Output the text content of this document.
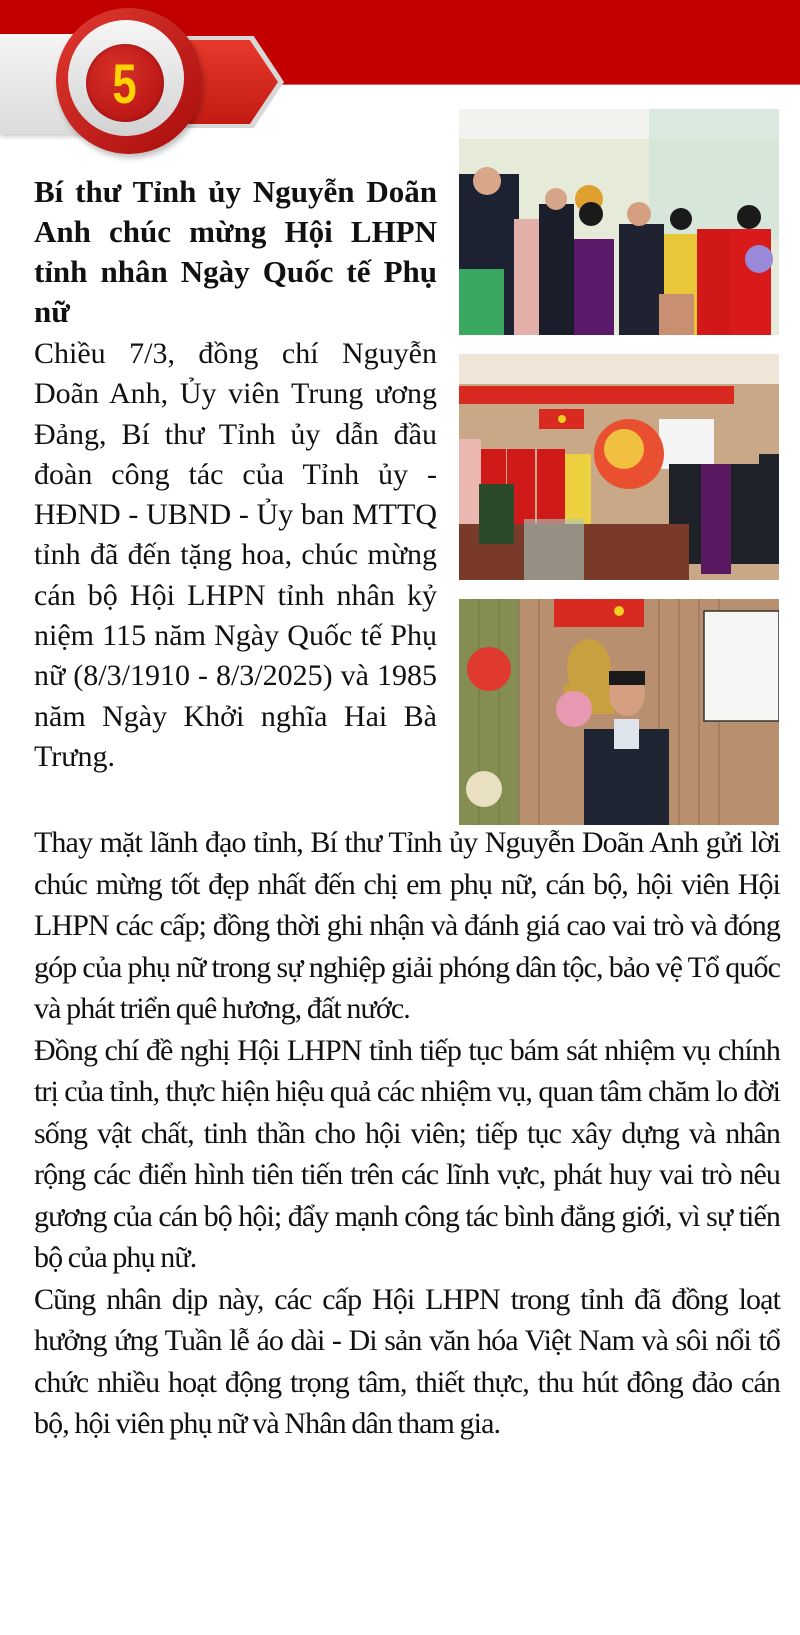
5
Bí thư Tỉnh ủy Nguyễn Doãn Anh chúc mừng Hội LHPN tỉnh nhân Ngày Quốc tế Phụ nữ

Chiều 7/3, đồng chí Nguyễn Doãn Anh, Ủy viên Trung ương Đảng, Bí thư Tỉnh ủy dẫn đầu đoàn công tác của Tỉnh ủy - HĐND - UBND - Ủy ban MTTQ tỉnh đã đến tặng hoa, chúc mừng cán bộ Hội LHPN tỉnh nhân kỷ niệm 115 năm Ngày Quốc tế Phụ nữ (8/3/1910 - 8/3/2025) và 1985 năm Ngày Khởi nghĩa Hai Bà Trưng.

Thay mặt lãnh đạo tỉnh, Bí thư Tỉnh ủy Nguyễn Doãn Anh gửi lời chúc mừng tốt đẹp nhất đến chị em phụ nữ, cán bộ, hội viên Hội LHPN các cấp; đồng thời ghi nhận và đánh giá cao vai trò và đóng góp của phụ nữ trong sự nghiệp giải phóng dân tộc, bảo vệ Tổ quốc và phát triển quê hương, đất nước.

Đồng chí đề nghị Hội LHPN tỉnh tiếp tục bám sát nhiệm vụ chính trị của tỉnh, thực hiện hiệu quả các nhiệm vụ, quan tâm chăm lo đời sống vật chất, tinh thần cho hội viên; tiếp tục xây dựng và nhân rộng các điển hình tiên tiến trên các lĩnh vực, phát huy vai trò nêu gương của cán bộ hội; đẩy mạnh công tác bình đẳng giới, vì sự tiến bộ của phụ nữ.

Cũng nhân dịp này, các cấp Hội LHPN trong tỉnh đã đồng loạt hưởng ứng Tuần lễ áo dài - Di sản văn hóa Việt Nam và sôi nổi tổ chức nhiều hoạt động trọng tâm, thiết thực, thu hút đông đảo cán bộ, hội viên phụ nữ và Nhân dân tham gia.
